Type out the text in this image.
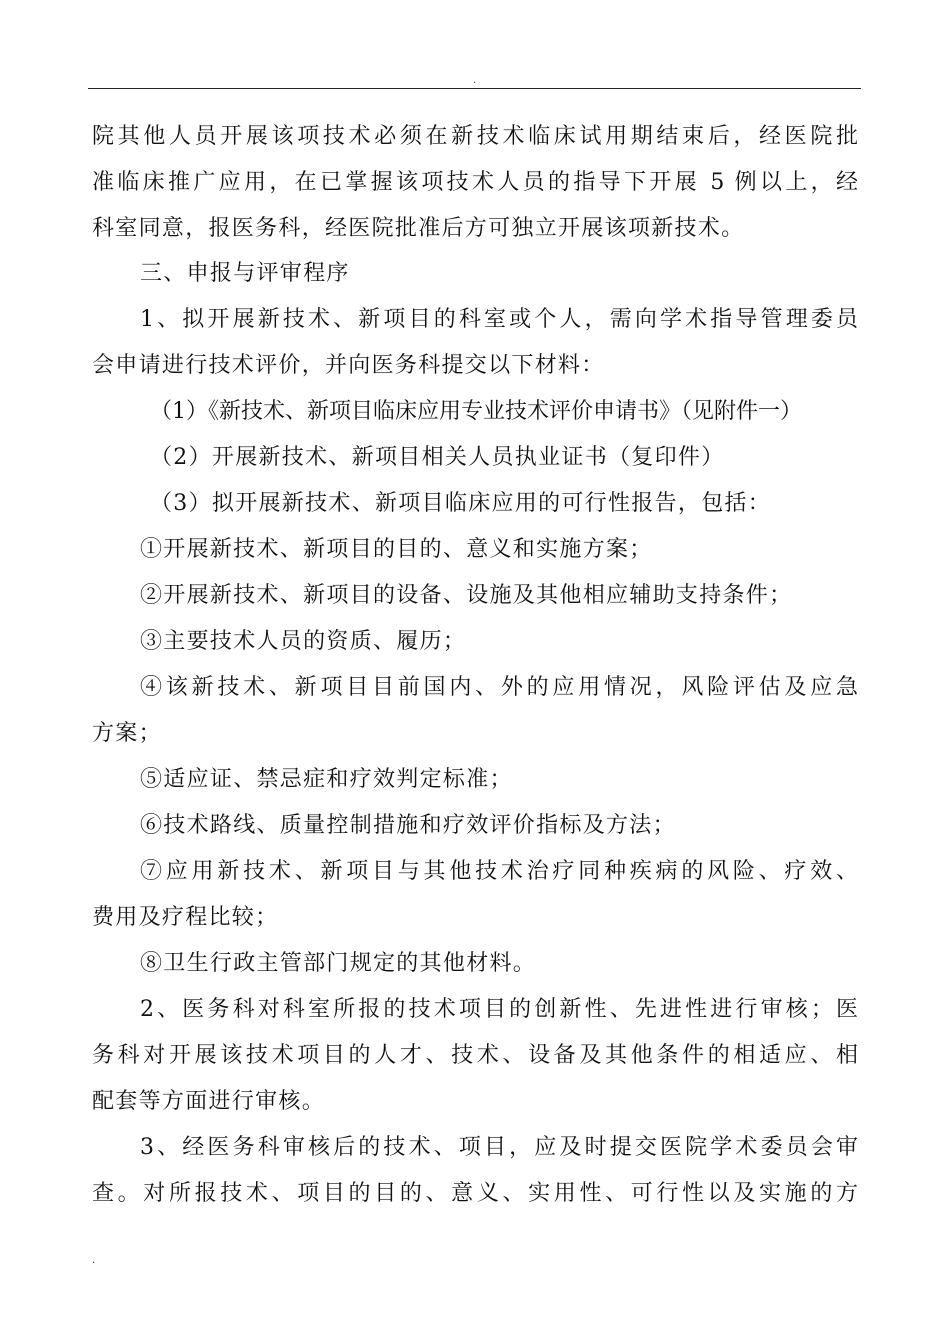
.
院其他人员开展该项技术必须在新技术临床试用期结束后，经医院批
准临床推广应用，在已掌握该项技术人员的指导下开展 5 例以上，经
科室同意，报医务科，经医院批准后方可独立开展该项新技术。
三、申报与评审程序
1、拟开展新技术、新项目的科室或个人，需向学术指导管理委员
会申请进行技术评价，并向医务科提交以下材料：
（1）《新技术、新项目临床应用专业技术评价申请书》（见附件一）
（2）开展新技术、新项目相关人员执业证书（复印件）
（3）拟开展新技术、新项目临床应用的可行性报告，包括：
①开展新技术、新项目的目的、意义和实施方案；
②开展新技术、新项目的设备、设施及其他相应辅助支持条件；
③主要技术人员的资质、履历；
④该新技术、新项目目前国内、外的应用情况，风险评估及应急
方案；
⑤适应证、禁忌症和疗效判定标准；
⑥技术路线、质量控制措施和疗效评价指标及方法；
⑦应用新技术、新项目与其他技术治疗同种疾病的风险、疗效、
费用及疗程比较；
⑧卫生行政主管部门规定的其他材料。
2、医务科对科室所报的技术项目的创新性、先进性进行审核；医
务科对开展该技术项目的人才、技术、设备及其他条件的相适应、相
配套等方面进行审核。
3、经医务科审核后的技术、项目，应及时提交医院学术委员会审
查。对所报技术、项目的目的、意义、实用性、可行性以及实施的方
.
